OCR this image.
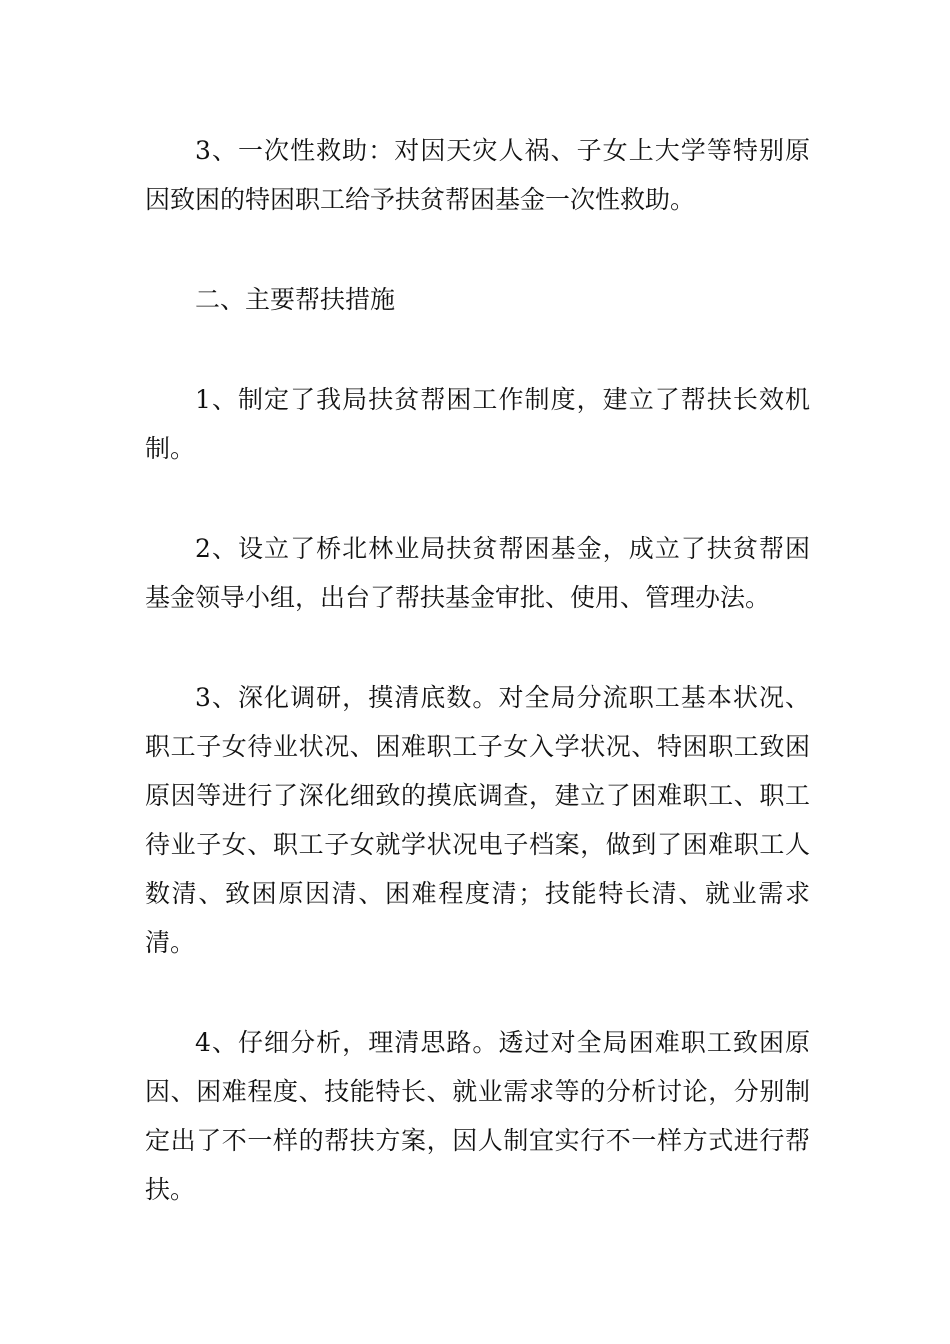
3、一次性救助：对因天灾人祸、子女上大学等特别原因致困的特困职工给予扶贫帮困基金一次性救助。

二、主要帮扶措施

1、制定了我局扶贫帮困工作制度，建立了帮扶长效机制。

2、设立了桥北林业局扶贫帮困基金，成立了扶贫帮困基金领导小组，出台了帮扶基金审批、使用、管理办法。

3、深化调研，摸清底数。对全局分流职工基本状况、职工子女待业状况、困难职工子女入学状况、特困职工致困原因等进行了深化细致的摸底调查，建立了困难职工、职工待业子女、职工子女就学状况电子档案，做到了困难职工人数清、致困原因清、困难程度清；技能特长清、就业需求清。

4、仔细分析，理清思路。透过对全局困难职工致困原因、困难程度、技能特长、就业需求等的分析讨论，分别制定出了不一样的帮扶方案，因人制宜实行不一样方式进行帮扶。
